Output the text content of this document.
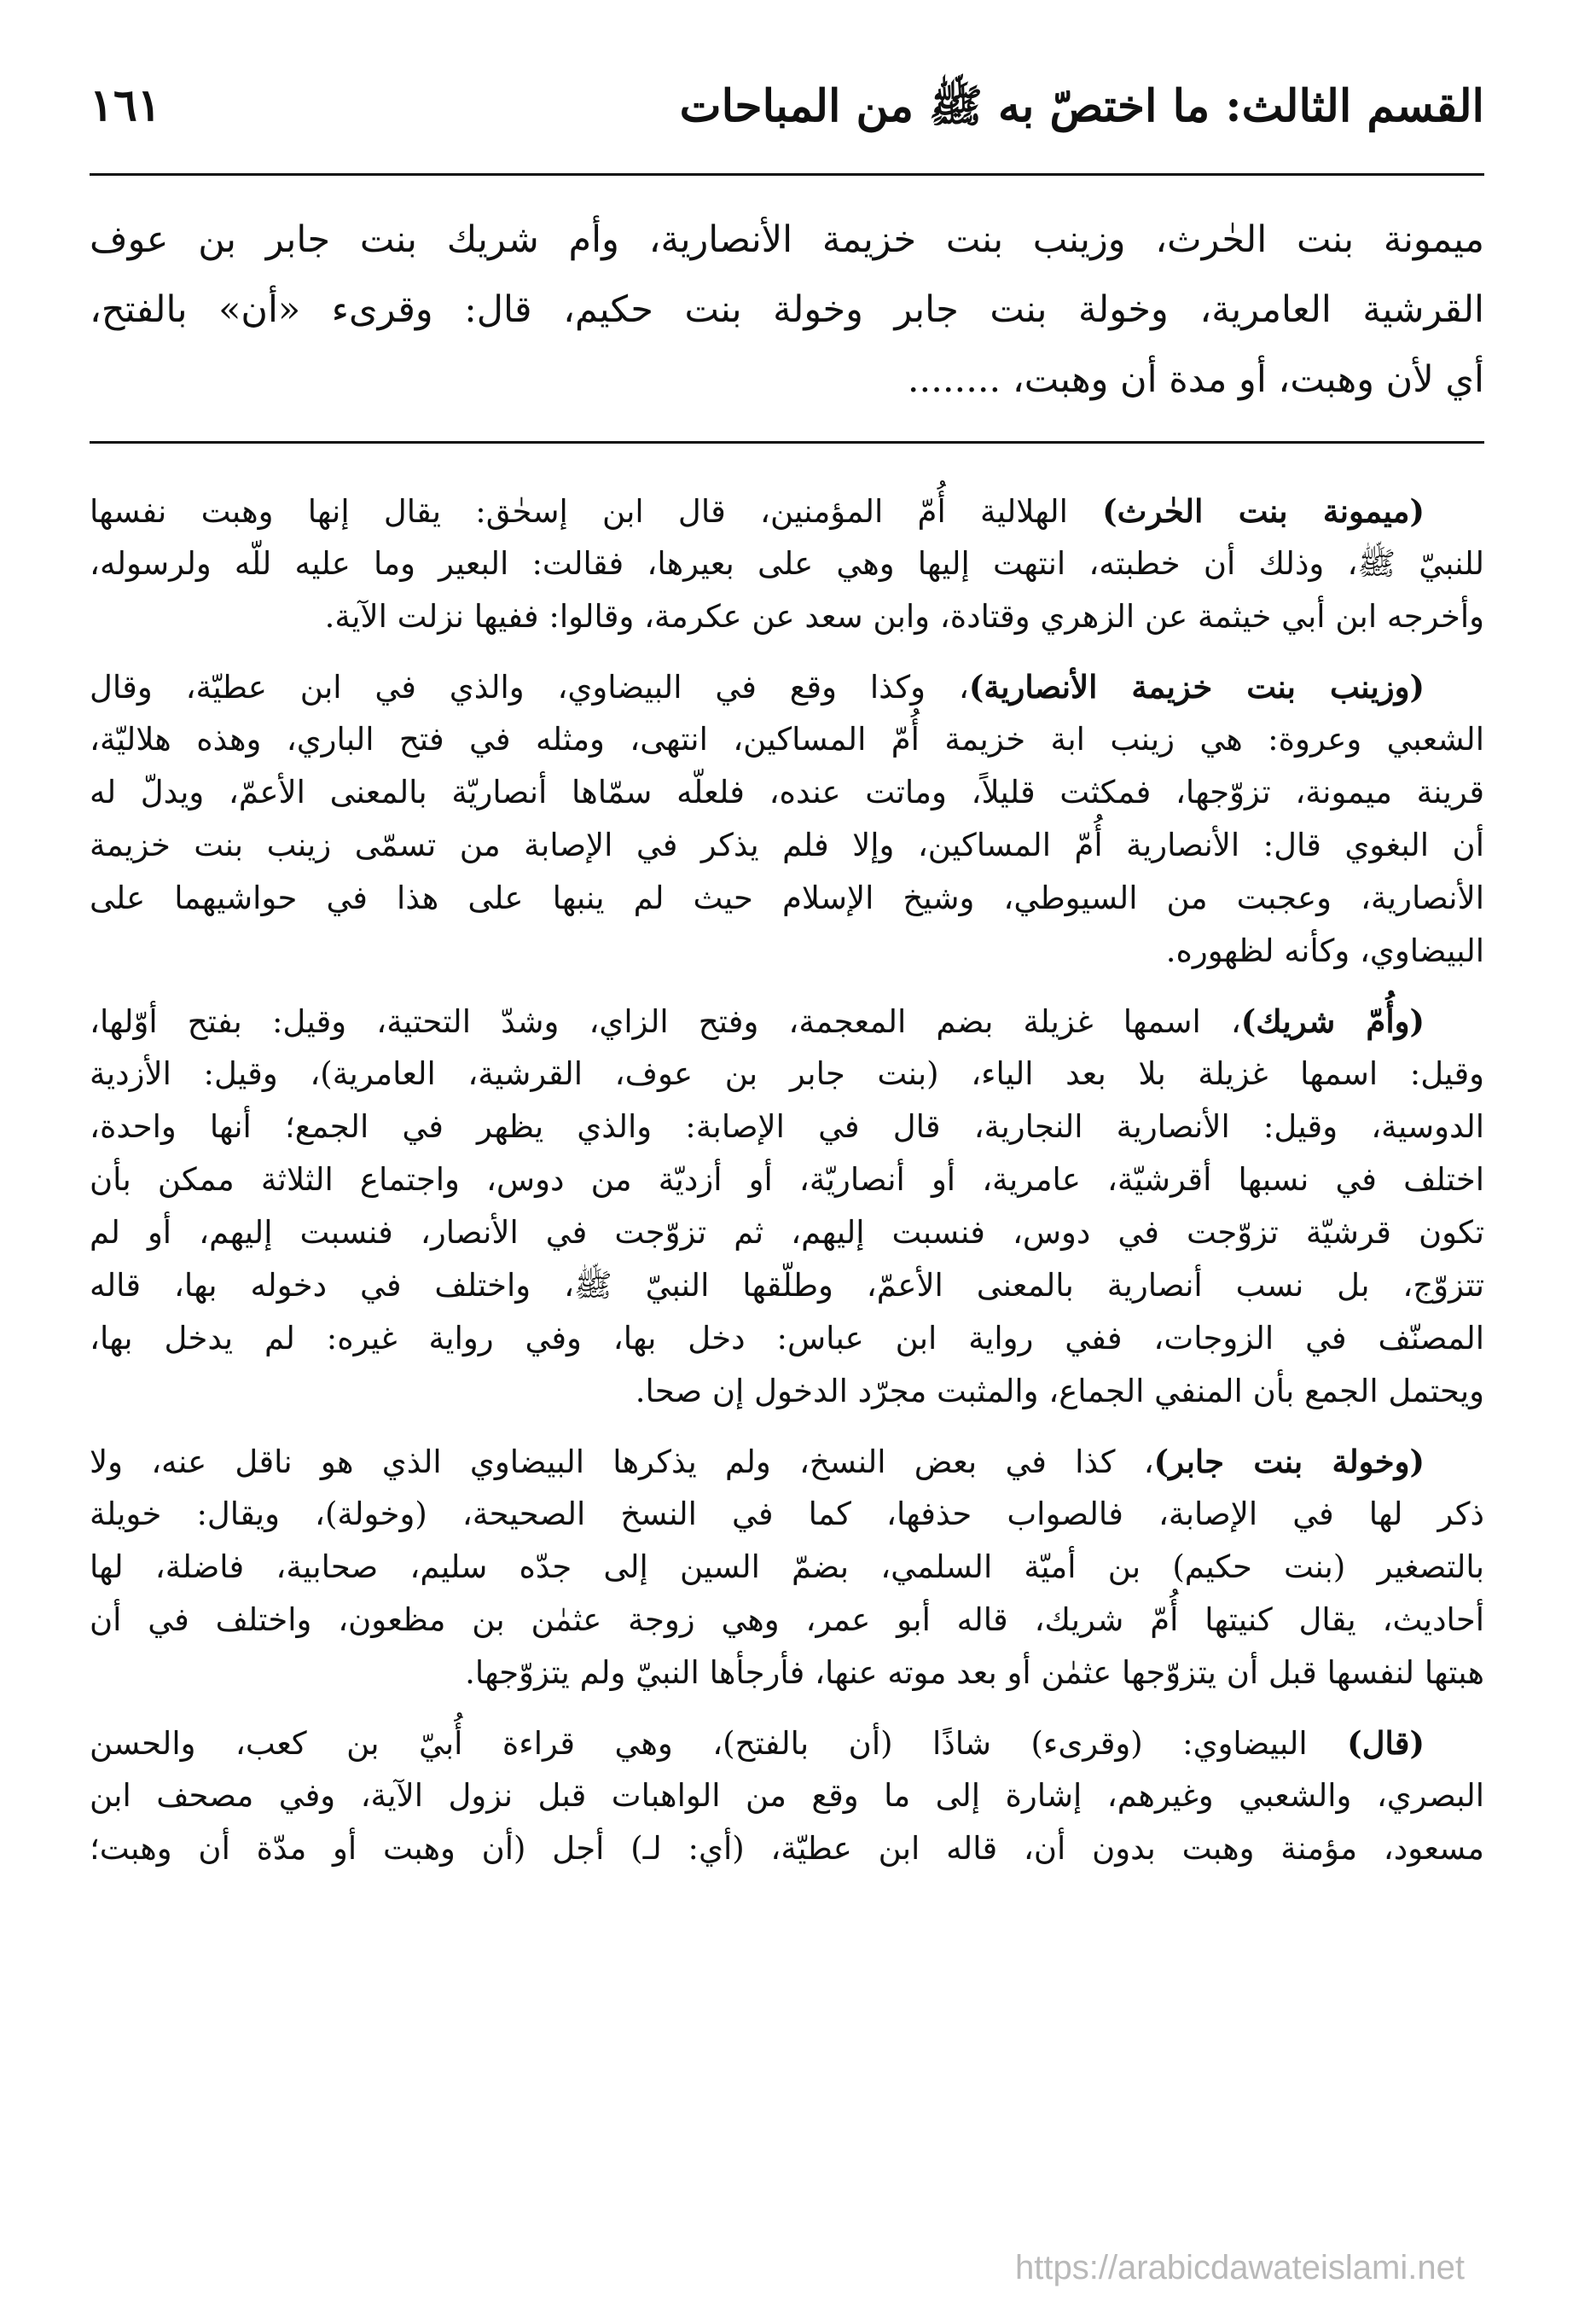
القسم الثالث: ما اختصّ به ﷺ من المباحات
١٦١
ميمونة بنت الحٰرث، وزينب بنت خزيمة الأنصارية، وأم شريك بنت جابر بن عوف
القرشية العامرية، وخولة بنت جابر وخولة بنت حكيم، قال: وقرىء «أن» بالفتح،
أي لأن وهبت، أو مدة أن وهبت، ........
(ميمونة بنت الحٰرث) الهلالية أُمّ المؤمنين، قال ابن إسحٰق: يقال إنها وهبت نفسها
للنبيّ ﷺ، وذلك أن خطبته، انتهت إليها وهي على بعيرها، فقالت: البعير وما عليه للّه ولرسوله،
وأخرجه ابن أبي خيثمة عن الزهري وقتادة، وابن سعد عن عكرمة، وقالوا: ففيها نزلت الآية.
(وزينب بنت خزيمة الأنصارية)، وكذا وقع في البيضاوي، والذي في ابن عطيّة، وقال
الشعبي وعروة: هي زينب ابة خزيمة أُمّ المساكين، انتهى، ومثله في فتح الباري، وهذه هلاليّة،
قرينة ميمونة، تزوّجها، فمكثت قليلاً، وماتت عنده، فلعلّه سمّاها أنصاريّة بالمعنى الأعمّ، ويدلّ له
أن البغوي قال: الأنصارية أُمّ المساكين، وإلا فلم يذكر في الإصابة من تسمّى زينب بنت خزيمة
الأنصارية، وعجبت من السيوطي، وشيخ الإسلام حيث لم ينبها على هذا في حواشيهما على
البيضاوي، وكأنه لظهوره.
(وأُمّ شريك)، اسمها غزيلة بضم المعجمة، وفتح الزاي، وشدّ التحتية، وقيل: بفتح أوّلها،
وقيل: اسمها غزيلة بلا بعد الياء، (بنت جابر بن عوف، القرشية، العامرية)، وقيل: الأزدية
الدوسية، وقيل: الأنصارية النجارية، قال في الإصابة: والذي يظهر في الجمع؛ أنها واحدة،
اختلف في نسبها أقرشيّة، عامرية، أو أنصاريّة، أو أزديّة من دوس، واجتماع الثلاثة ممكن بأن
تكون قرشيّة تزوّجت في دوس، فنسبت إليهم، ثم تزوّجت في الأنصار، فنسبت إليهم، أو لم
تتزوّج، بل نسب أنصارية بالمعنى الأعمّ، وطلّقها النبيّ ﷺ، واختلف في دخوله بها، قاله
المصنّف في الزوجات، ففي رواية ابن عباس: دخل بها، وفي رواية غيره: لم يدخل بها،
ويحتمل الجمع بأن المنفي الجماع، والمثبت مجرّد الدخول إن صحا.
(وخولة بنت جابر)، كذا في بعض النسخ، ولم يذكرها البيضاوي الذي هو ناقل عنه، ولا
ذكر لها في الإصابة، فالصواب حذفها، كما في النسخ الصحيحة، (وخولة)، ويقال: خويلة
بالتصغير (بنت حكيم) بن أميّة السلمي، بضمّ السين إلى جدّه سليم، صحابية، فاضلة، لها
أحاديث، يقال كنيتها أُمّ شريك، قاله أبو عمر، وهي زوجة عثمٰن بن مظعون، واختلف في أن
هبتها لنفسها قبل أن يتزوّجها عثمٰن أو بعد موته عنها، فأرجأها النبيّ ولم يتزوّجها.
(قال) البيضاوي: (وقرىء) شاذًا (أن بالفتح)، وهي قراءة أُبيّ بن كعب، والحسن
البصري، والشعبي وغيرهم، إشارة إلى ما وقع من الواهبات قبل نزول الآية، وفي مصحف ابن
مسعود، مؤمنة وهبت بدون أن، قاله ابن عطيّة، (أي: لـ) أجل (أن وهبت أو مدّة أن وهبت؛
https://arabicdawateislami.net
